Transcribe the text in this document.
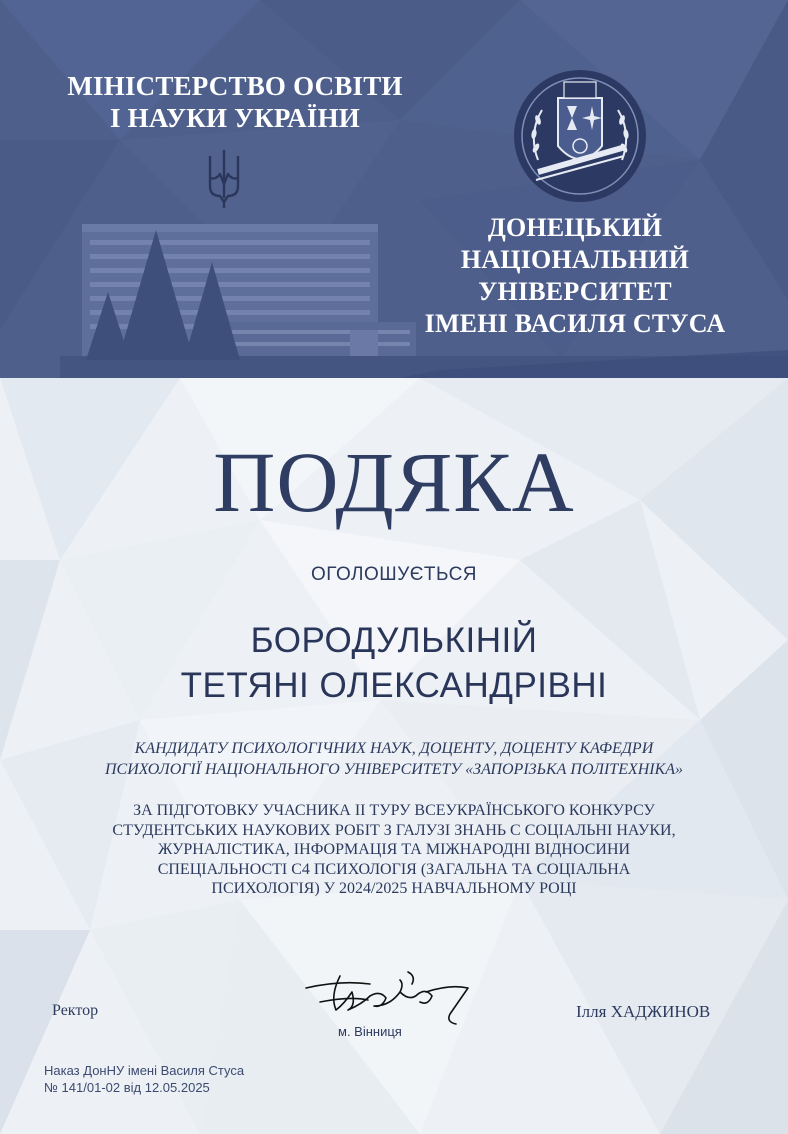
МІНІСТЕРСТВО ОСВІТИ
І НАУКИ УКРАЇНИ
ДОНЕЦЬКИЙ
НАЦІОНАЛЬНИЙ
УНІВЕРСИТЕТ
ІМЕНІ ВАСИЛЯ СТУСА
ПОДЯКА
ОГОЛОШУЄТЬСЯ
БОРОДУЛЬКІНІЙ
ТЕТЯНІ ОЛЕКСАНДРІВНІ
КАНДИДАТУ ПСИХОЛОГІЧНИХ НАУК, ДОЦЕНТУ, ДОЦЕНТУ КАФЕДРИ
ПСИХОЛОГІЇ НАЦІОНАЛЬНОГО УНІВЕРСИТЕТУ «ЗАПОРІЗЬКА ПОЛІТЕХНІКА»
ЗА ПІДГОТОВКУ УЧАСНИКА ІІ ТУРУ ВСЕУКРАЇНСЬКОГО КОНКУРСУ
СТУДЕНТСЬКИХ НАУКОВИХ РОБІТ З ГАЛУЗІ ЗНАНЬ С СОЦІАЛЬНІ НАУКИ,
ЖУРНАЛІСТИКА, ІНФОРМАЦІЯ ТА МІЖНАРОДНІ ВІДНОСИНИ
СПЕЦІАЛЬНОСТІ С4 ПСИХОЛОГІЯ (ЗАГАЛЬНА ТА СОЦІАЛЬНА
ПСИХОЛОГІЯ) У 2024/2025 НАВЧАЛЬНОМУ РОЦІ
Ректор
м. Вінниця
Ілля ХАДЖИНОВ
Наказ ДонНУ імені Василя Стуса
№ 141/01-02 від 12.05.2025
